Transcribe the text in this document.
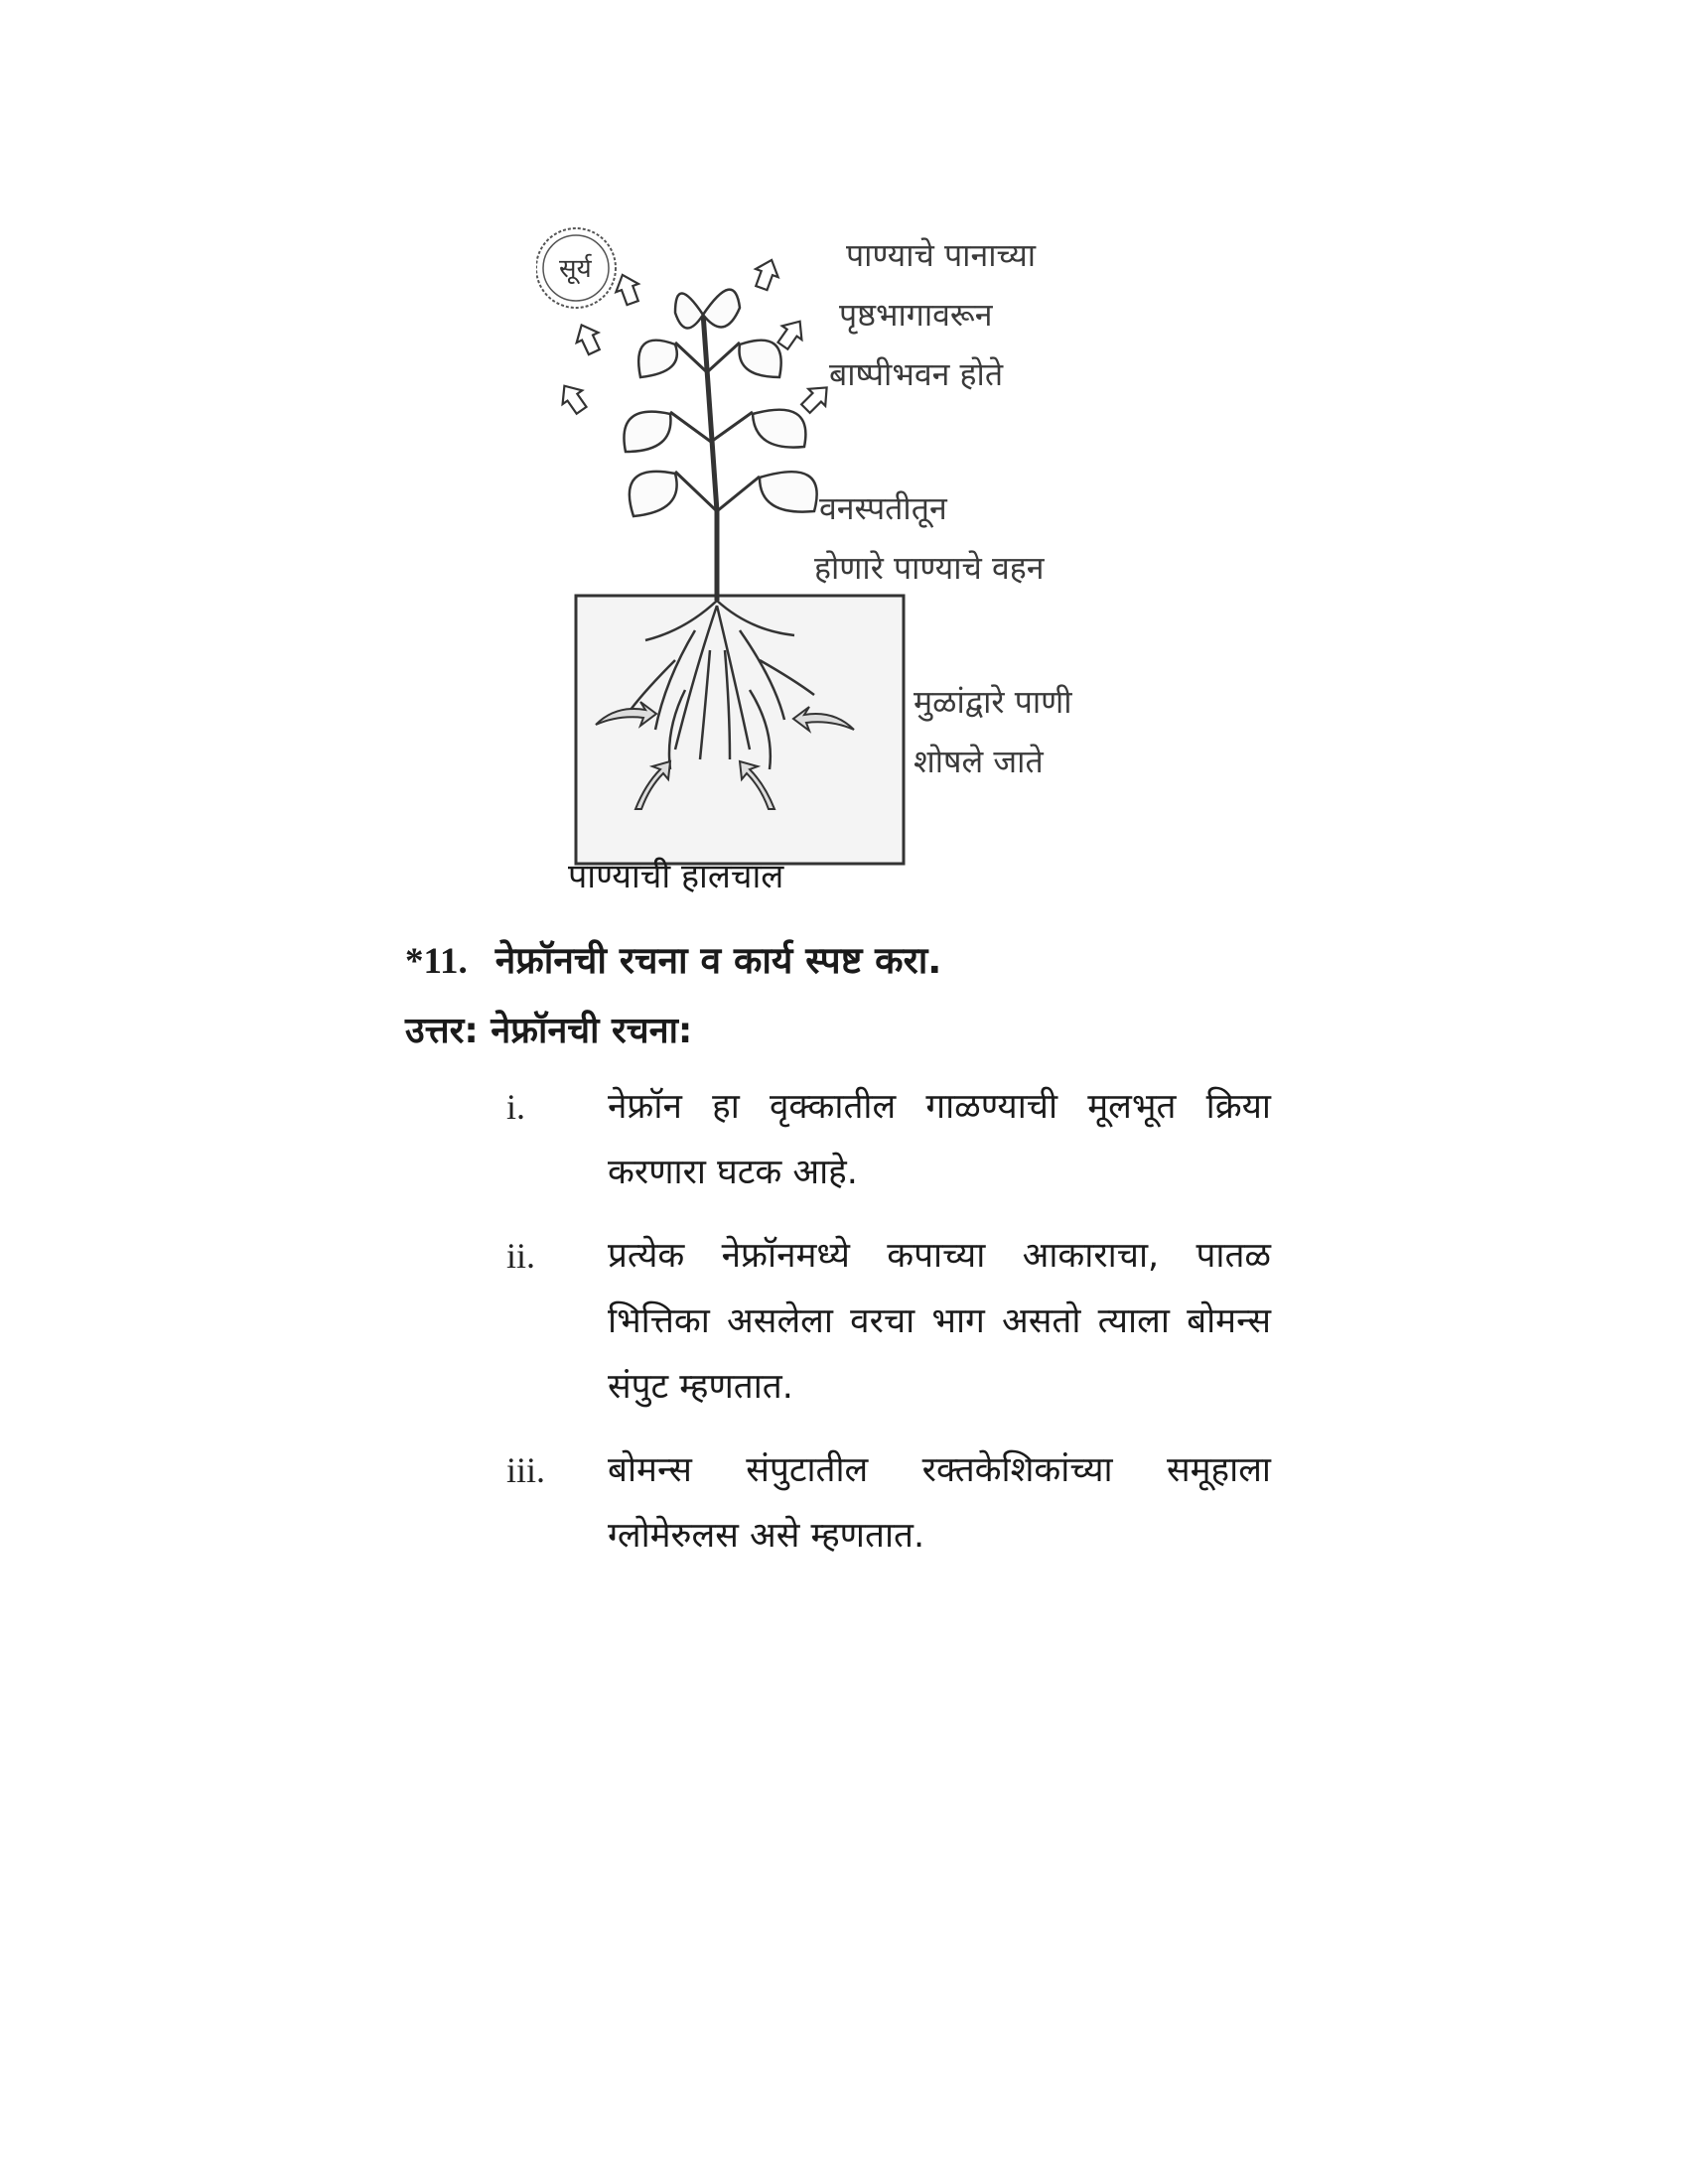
सूर्य	पाण्याचे पानाच्या
पृष्ठभागावरून
बाष्पीभवन होते
वनस्पतीतून
होणारे पाण्याचे वहन
मुळांद्वारे पाणी
शोषले जाते
पाण्याची हालचाल
*11. नेफ्रॉनची रचना व कार्य स्पष्ट करा.
उत्तर: नेफ्रॉनची रचना:
i.	नेफ्रॉन हा वृक्कातील गाळण्याची मूलभूत क्रिया करणारा घटक आहे.
ii.	प्रत्येक नेफ्रॉनमध्ये कपाच्या आकाराचा, पातळ भित्तिका असलेला वरचा भाग असतो त्याला बोमन्स संपुट म्हणतात.
iii.	बोमन्स संपुटातील रक्तकेशिकांच्या समूहाला ग्लोमेरुलस असे म्हणतात.
